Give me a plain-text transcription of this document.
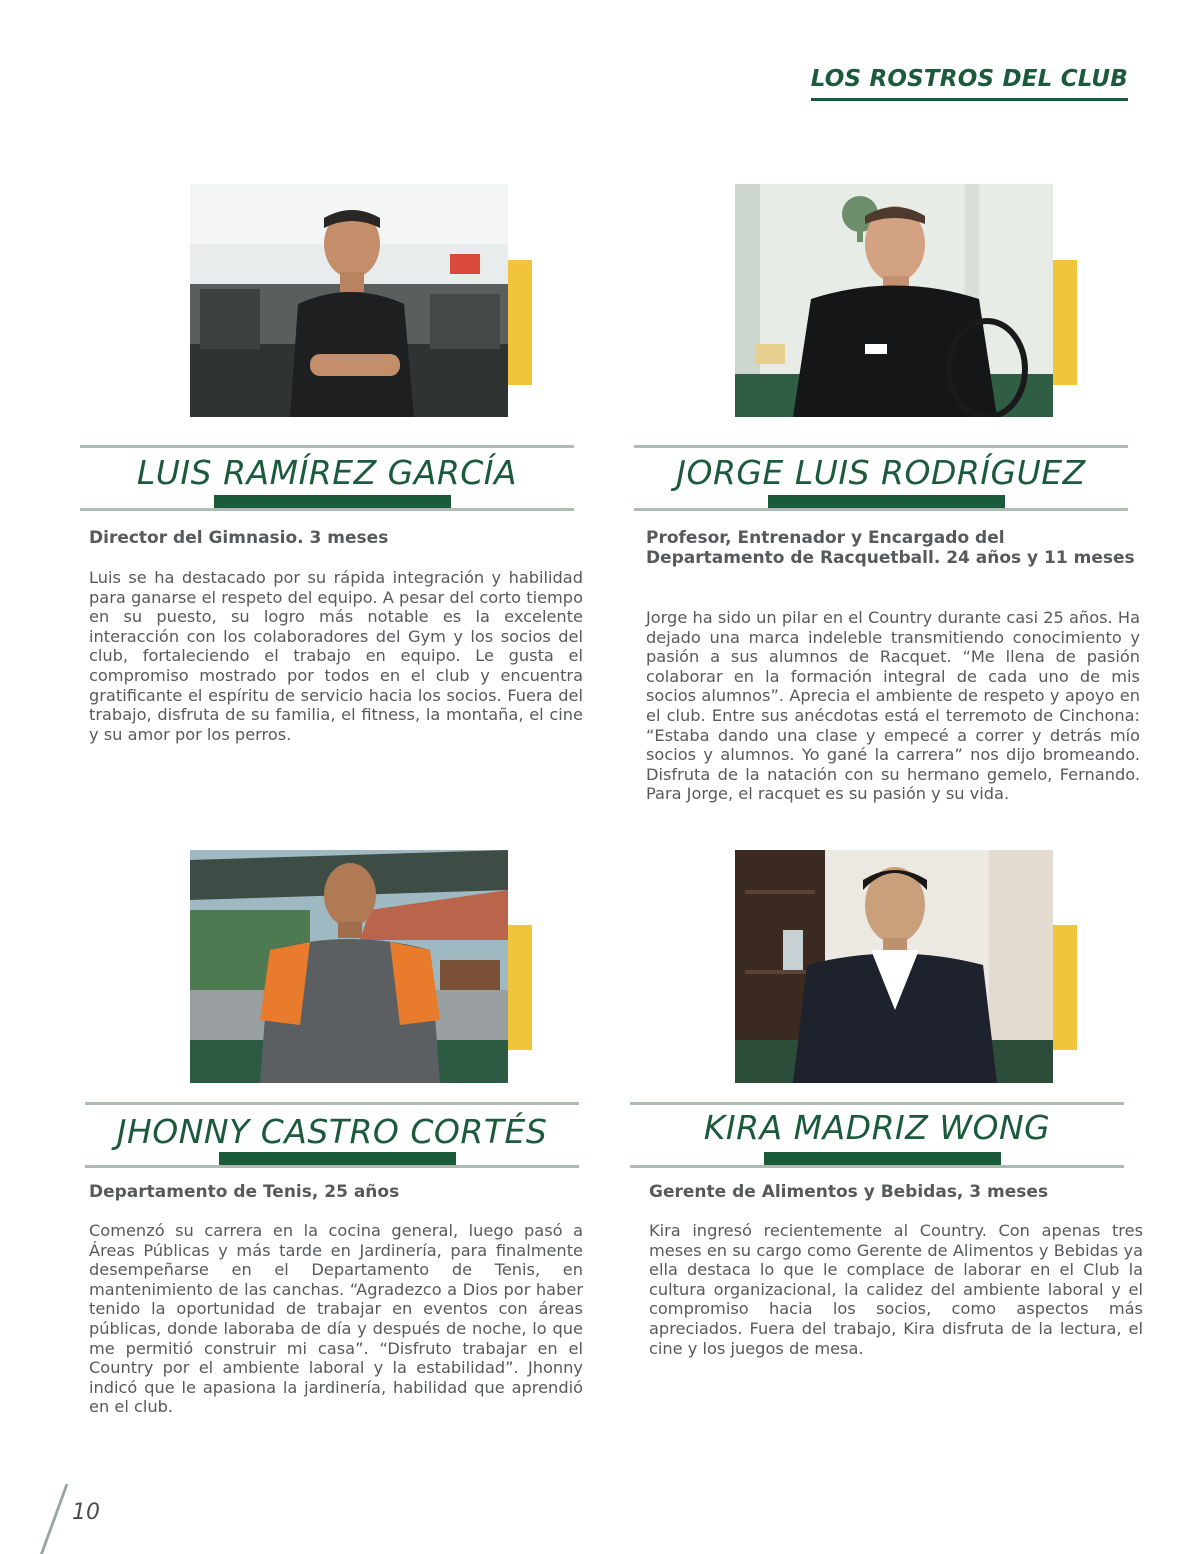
LOS ROSTROS DEL CLUB
LUIS RAMÍREZ GARCÍA	JORGE LUIS RODRÍGUEZ
Director del Gimnasio. 3 meses
Luis se ha destacado por su rápida integración y habilidad para ganarse el respeto del equipo. A pesar del corto tiempo en su puesto, su logro más notable es la excelente interacción con los colaboradores del Gym y los socios del club, fortaleciendo el trabajo en equipo. Le gusta el compromiso mostrado por todos en el club y encuentra gratificante el espíritu de servicio hacia los socios. Fuera del trabajo, disfruta de su familia, el fitness, la montaña, el cine y su amor por los perros.
Profesor, Entrenador y Encargado del Departamento de Racquetball. 24 años y 11 meses
Jorge ha sido un pilar en el Country durante casi 25 años. Ha dejado una marca indeleble transmitiendo conocimiento y pasión a sus alumnos de Racquet. “Me llena de pasión colaborar en la formación integral de cada uno de mis socios alumnos”. Aprecia el ambiente de respeto y apoyo en el club. Entre sus anécdotas está el terremoto de Cinchona: “Estaba dando una clase y empecé a correr y detrás mío socios y alumnos. Yo gané la carrera” nos dijo bromeando. Disfruta de la natación con su hermano gemelo, Fernando. Para Jorge, el racquet es su pasión y su vida.
JHONNY CASTRO CORTÉS	KIRA MADRIZ WONG
Departamento de Tenis, 25 años
Comenzó su carrera en la cocina general, luego pasó a Áreas Públicas y más tarde en Jardinería, para finalmente desempeñarse en el Departamento de Tenis, en mantenimiento de las canchas. “Agradezco a Dios por haber tenido la oportunidad de trabajar en eventos con áreas públicas, donde laboraba de día y después de noche, lo que me permitió construir mi casa”. “Disfruto trabajar en el Country por el ambiente laboral y la estabilidad”. Jhonny indicó que le apasiona la jardinería, habilidad que aprendió en el club.
Gerente de Alimentos y Bebidas, 3 meses
Kira ingresó recientemente al Country. Con apenas tres meses en su cargo como Gerente de Alimentos y Bebidas ya ella destaca lo que le complace de laborar en el Club la cultura organizacional, la calidez del ambiente laboral y el compromiso hacia los socios, como aspectos más apreciados. Fuera del trabajo, Kira disfruta de la lectura, el cine y los juegos de mesa.
10
